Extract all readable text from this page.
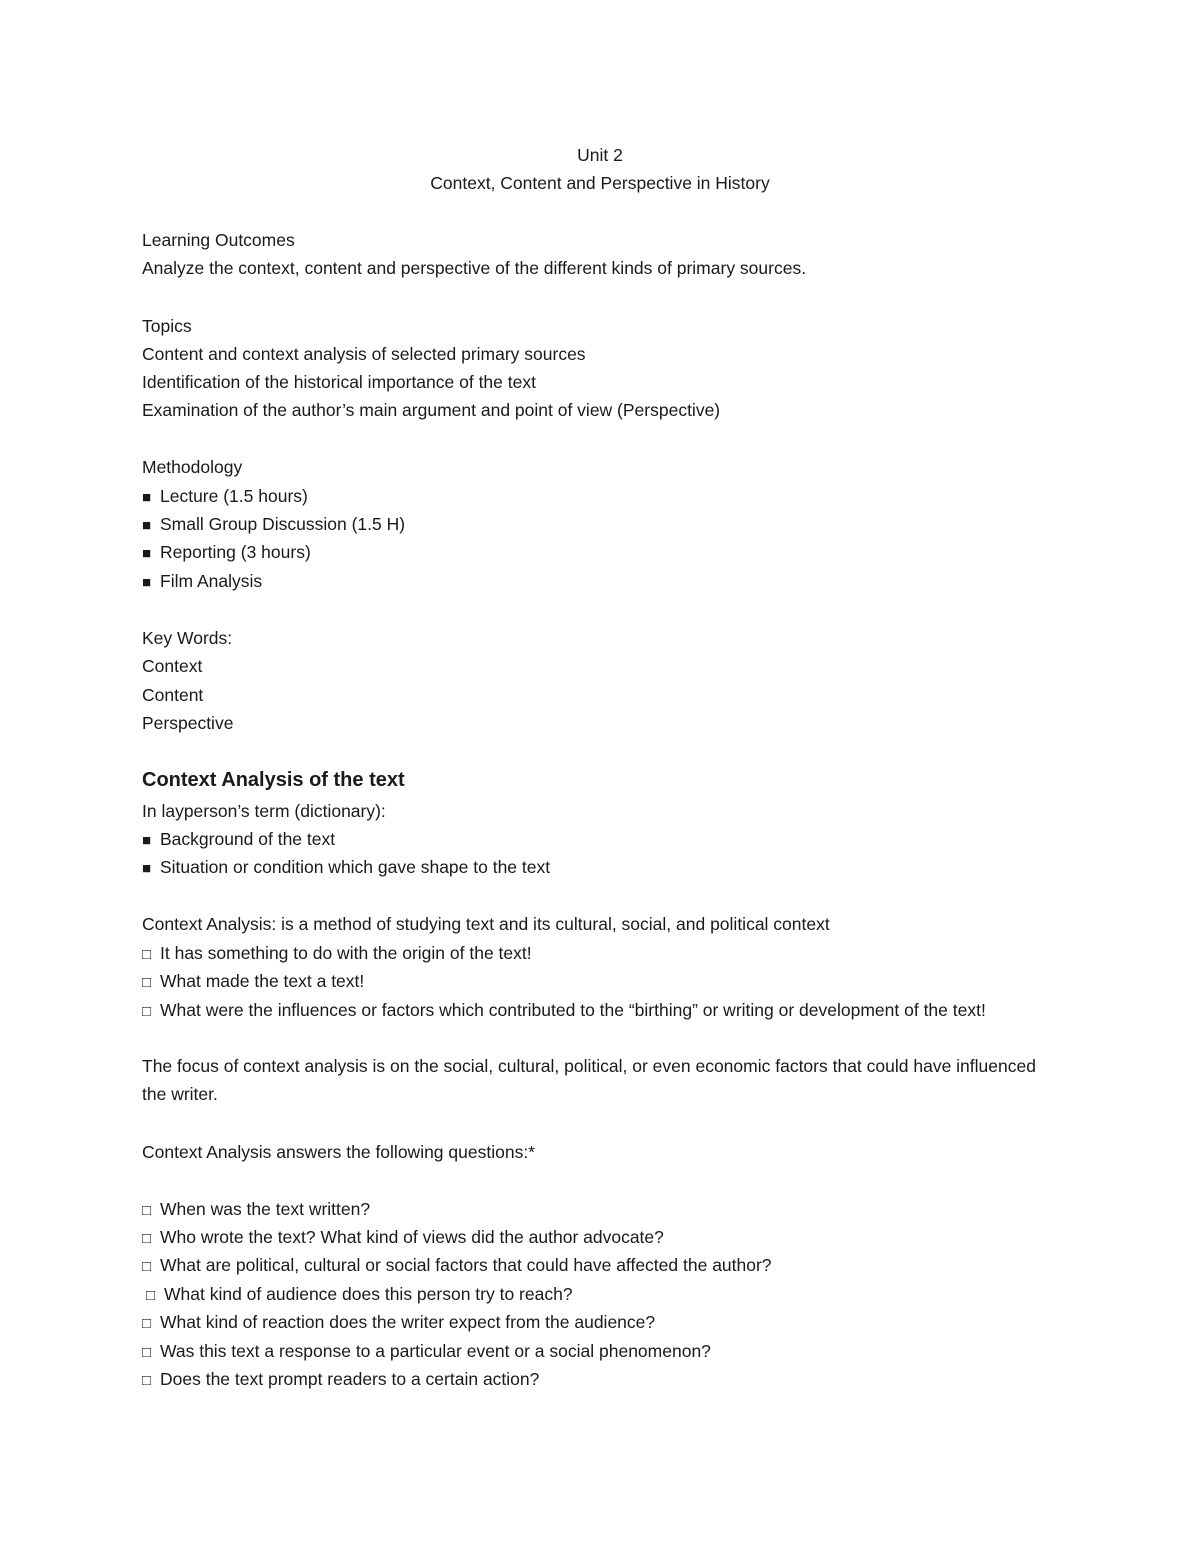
Unit 2
Context, Content and Perspective in History
Learning Outcomes
Analyze the context, content and perspective of the different kinds of primary sources.
Topics
Content and context analysis of selected primary sources
Identification of the historical importance of the text
Examination of the author’s main argument and point of view (Perspective)
Methodology
■ Lecture (1.5 hours)
■ Small Group Discussion (1.5 H)
■ Reporting (3 hours)
■ Film Analysis
Key Words:
Context
Content
Perspective
Context Analysis of the text
In layperson’s term (dictionary):
■ Background of the text
■ Situation or condition which gave shape to the text
Context Analysis: is a method of studying text and its cultural, social, and political context
□ It has something to do with the origin of the text!
□ What made the text a text!
□ What were the influences or factors which contributed to the “birthing” or writing or development of the text!
The focus of context analysis is on the social, cultural, political, or even economic factors that could have influenced the writer.
Context Analysis answers the following questions:*
□ When was the text written?
□ Who wrote the text? What kind of views did the author advocate?
□ What are political, cultural or social factors that could have affected the author?
□ What kind of audience does this person try to reach?
□ What kind of reaction does the writer expect from the audience?
□ Was this text a response to a particular event or a social phenomenon?
□ Does the text prompt readers to a certain action?
